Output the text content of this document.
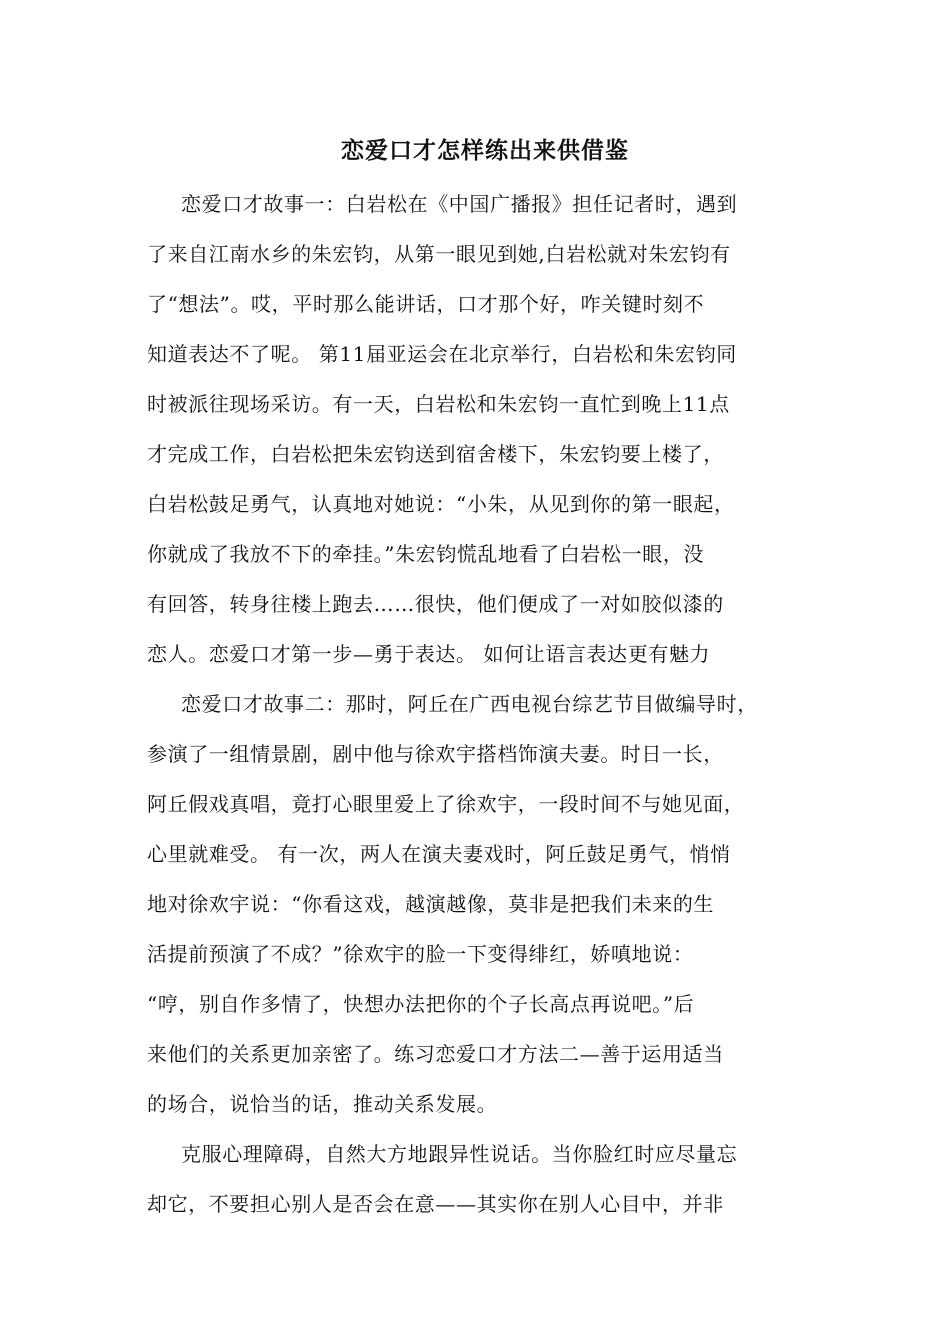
恋爱口才怎样练出来供借鉴
恋爱口才故事一：白岩松在《中国广播报》担任记者时，遇到
了来自江南水乡的朱宏钧，从第一眼见到她,白岩松就对朱宏钧有
了“想法”。哎，平时那么能讲话，口才那个好，咋关键时刻不
知道表达不了呢。 第11届亚运会在北京举行，白岩松和朱宏钧同
时被派往现场采访。有一天，白岩松和朱宏钧一直忙到晚上11点
才完成工作，白岩松把朱宏钧送到宿舍楼下，朱宏钧要上楼了，
白岩松鼓足勇气，认真地对她说：“小朱，从见到你的第一眼起，
你就成了我放不下的牵挂。”朱宏钧慌乱地看了白岩松一眼，没
有回答，转身往楼上跑去……很快，他们便成了一对如胶似漆的
恋人。恋爱口才第一步—勇于表达。 如何让语言表达更有魅力
恋爱口才故事二：那时，阿丘在广西电视台综艺节目做编导时，
参演了一组情景剧，剧中他与徐欢宇搭档饰演夫妻。时日一长，
阿丘假戏真唱，竟打心眼里爱上了徐欢宇，一段时间不与她见面，
心里就难受。 有一次，两人在演夫妻戏时，阿丘鼓足勇气，悄悄
地对徐欢宇说：“你看这戏，越演越像，莫非是把我们未来的生
活提前预演了不成？”徐欢宇的脸一下变得绯红，娇嗔地说：
“哼，别自作多情了，快想办法把你的个子长高点再说吧。”后
来他们的关系更加亲密了。练习恋爱口才方法二—善于运用适当
的场合，说恰当的话，推动关系发展。
克服心理障碍，自然大方地跟异性说话。当你脸红时应尽量忘
却它，不要担心别人是否会在意——其实你在别人心目中，并非
